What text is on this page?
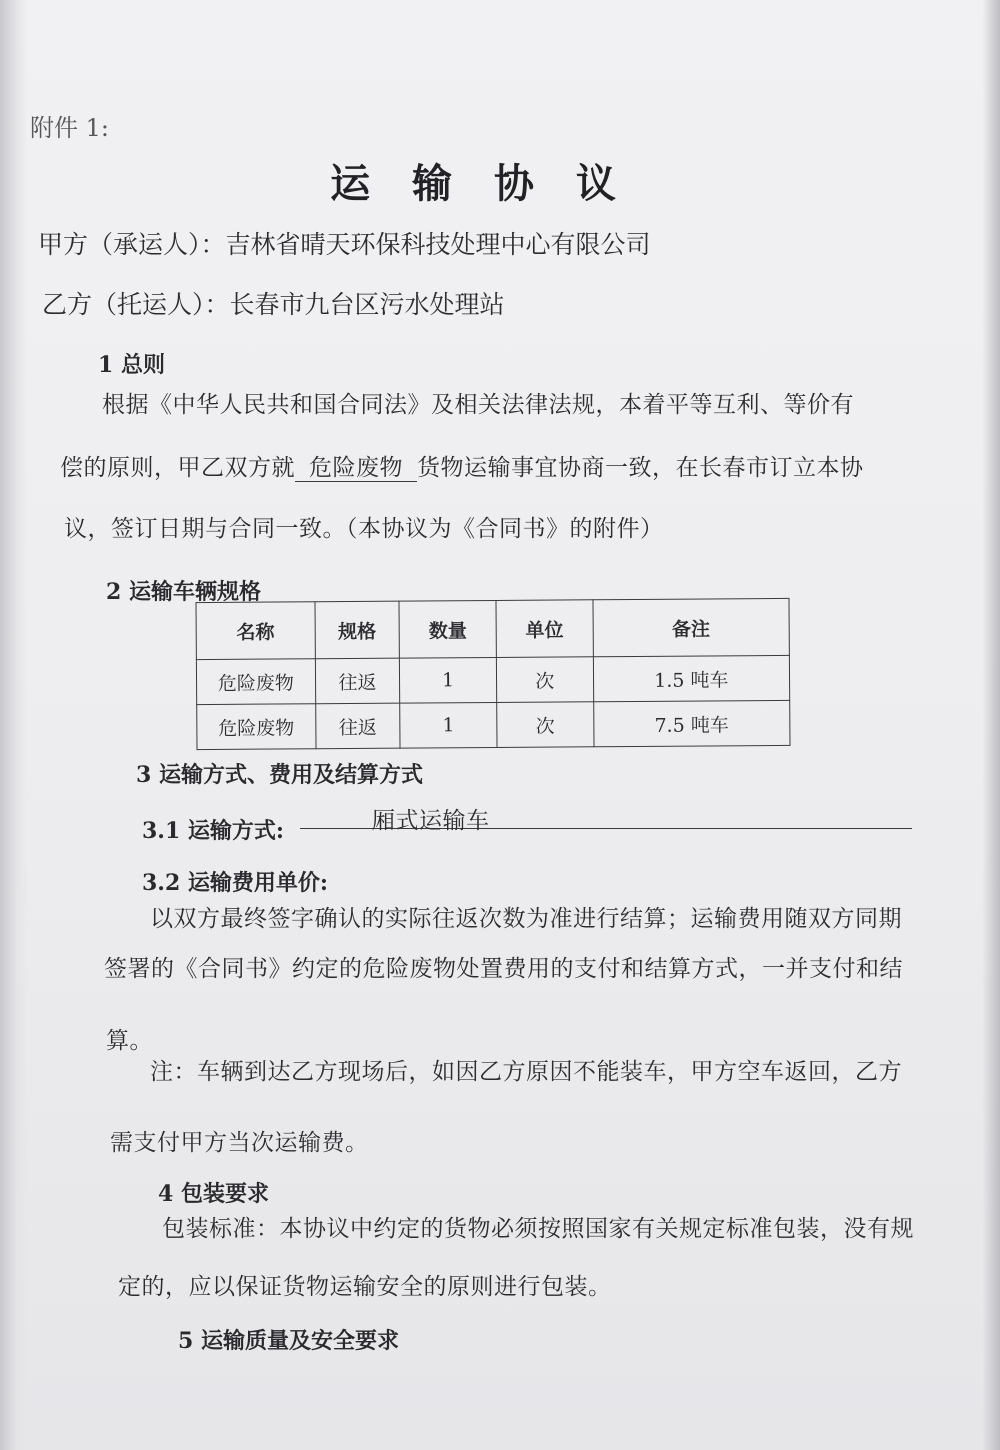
附件 1:
运 输 协 议
甲方（承运人）：吉林省晴天环保科技处理中心有限公司
乙方（托运人）：长春市九台区污水处理站
1 总则
根据《中华人民共和国合同法》及相关法律法规，本着平等互利、等价有
偿的原则，甲乙双方就 危险废物 货物运输事宜协商一致，在长春市订立本协
议，签订日期与合同一致。（本协议为《合同书》的附件）
2 运输车辆规格
名称	规格	数量	单位	备注
危险废物	往返	1	次	1.5 吨车
危险废物	往返	1	次	7.5 吨车
3 运输方式、费用及结算方式
3.1 运输方式:	厢式运输车
3.2 运输费用单价:
以双方最终签字确认的实际往返次数为准进行结算；运输费用随双方同期
签署的《合同书》约定的危险废物处置费用的支付和结算方式，一并支付和结
算。
注：车辆到达乙方现场后，如因乙方原因不能装车，甲方空车返回，乙方
需支付甲方当次运输费。
4 包装要求
包装标准：本协议中约定的货物必须按照国家有关规定标准包装，没有规
定的，应以保证货物运输安全的原则进行包装。
5 运输质量及安全要求
